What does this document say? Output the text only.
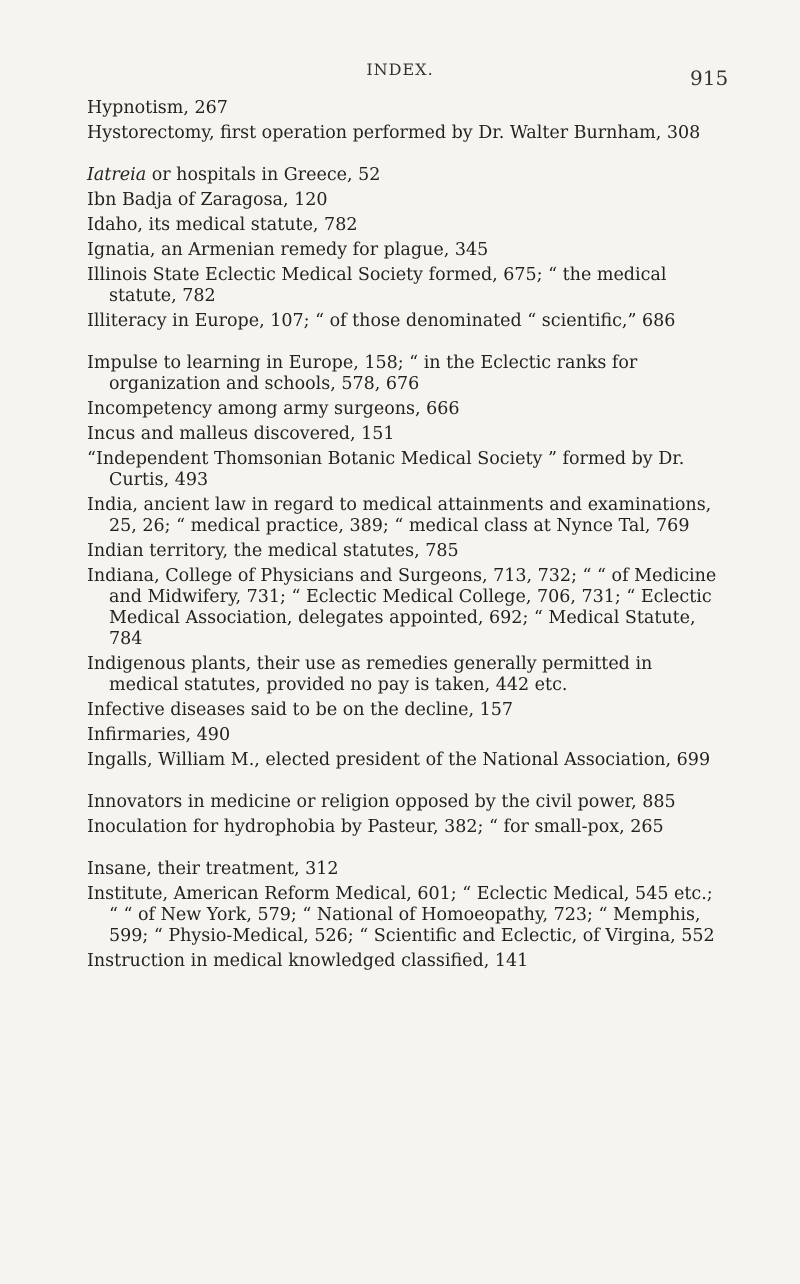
INDEX.	915

Hypnotism, 267

Hystorectomy, first operation performed by Dr. Walter Burnham, 308

Iatreia or hospitals in Greece, 52

Ibn Badja of Zaragosa, 120

Idaho, its medical statute, 782

Ignatia, an Armenian remedy for plague, 345

Illinois State Eclectic Medical Society formed, 675; “ the medical statute, 782

Illiteracy in Europe, 107; “ of those denominated “ scientific,” 686

Impulse to learning in Europe, 158; “ in the Eclectic ranks for organization and schools, 578, 676

Incompetency among army surgeons, 666

Incus and malleus discovered, 151

“Independent Thomsonian Botanic Medical Society ” formed by Dr. Curtis, 493

India, ancient law in regard to medical attainments and examinations, 25, 26; “ medical practice, 389; “ medical class at Nynce Tal, 769

Indian territory, the medical statutes, 785

Indiana, College of Physicians and Surgeons, 713, 732; “ “ of Medicine and Midwifery, 731; “ Eclectic Medical College, 706, 731; “ Eclectic Medical Association, delegates appointed, 692; “ Medical Statute, 784

Indigenous plants, their use as remedies generally permitted in medical statutes, provided no pay is taken, 442 etc.

Infective diseases said to be on the decline, 157

Infirmaries, 490

Ingalls, William M., elected president of the National Association, 699

Innovators in medicine or religion opposed by the civil power, 885

Inoculation for hydrophobia by Pasteur, 382; “ for small-pox, 265

Insane, their treatment, 312

Institute, American Reform Medical, 601; “ Eclectic Medical, 545 etc.; “ “ of New York, 579; “ National of Homoeopathy, 723; “ Memphis, 599; “ Physio-Medical, 526; “ Scientific and Eclectic, of Virgina, 552

Instruction in medical knowledged classified, 141
